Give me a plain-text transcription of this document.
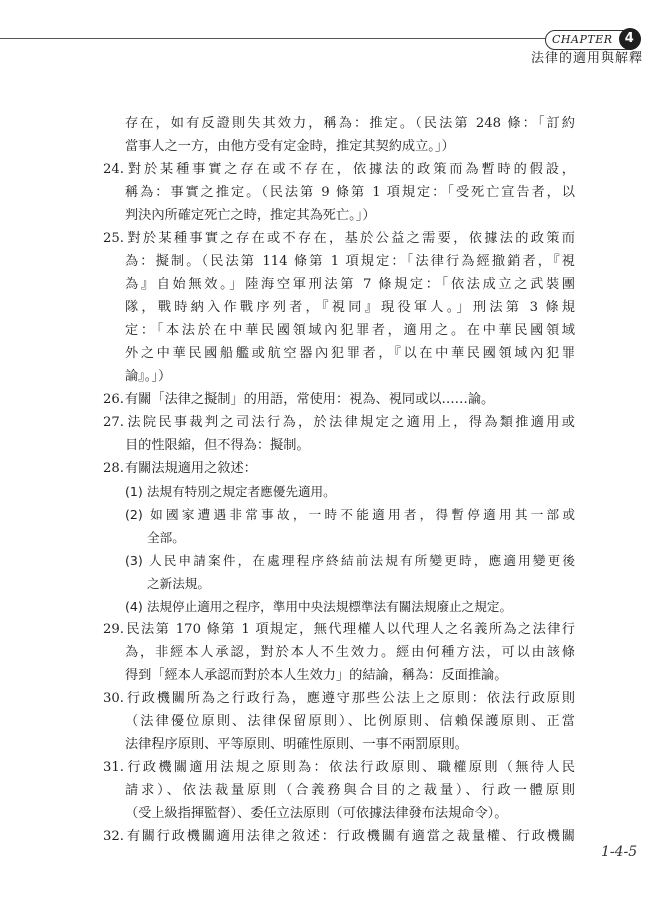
CHAPTER 4
法律的適用與解釋
存在，如有反證則失其效力，稱為：推定。（民法第 248 條：「訂約
當事人之一方，由他方受有定金時，推定其契約成立。」）
24.對於某種事實之存在或不存在，依據法的政策而為暫時的假設，
稱為：事實之推定。（民法第 9 條第 1 項規定：「受死亡宣告者，以
判決內所確定死亡之時，推定其為死亡。」）
25.對於某種事實之存在或不存在，基於公益之需要，依據法的政策而
為：擬制。（民法第 114 條第 1 項規定：「法律行為經撤銷者，『視
為』自始無效。」陸海空軍刑法第 7 條規定：「依法成立之武裝團
隊，戰時納入作戰序列者，『視同』現役軍人。」刑法第 3 條規
定：「本法於在中華民國領域內犯罪者，適用之。在中華民國領域
外之中華民國船艦或航空器內犯罪者，『以在中華民國領域內犯罪
論』。」）
26.有關「法律之擬制」的用語，常使用：視為、視同或以……論。
27.法院民事裁判之司法行為，於法律規定之適用上，得為類推適用或
目的性限縮，但不得為：擬制。
28.有關法規適用之敘述：
(1) 法規有特別之規定者應優先適用。
(2) 如國家遭遇非常事故，一時不能適用者，得暫停適用其一部或
全部。
(3) 人民申請案件，在處理程序終結前法規有所變更時，應適用變更後
之新法規。
(4) 法規停止適用之程序，準用中央法規標準法有關法規廢止之規定。
29.民法第 170 條第 1 項規定，無代理權人以代理人之名義所為之法律行
為，非經本人承認，對於本人不生效力。經由何種方法，可以由該條
得到「經本人承認而對於本人生效力」的結論，稱為：反面推論。
30.行政機關所為之行政行為，應遵守那些公法上之原則：依法行政原則
（法律優位原則、法律保留原則）、比例原則、信賴保護原則、正當
法律程序原則、平等原則、明確性原則、一事不兩罰原則。
31.行政機關適用法規之原則為：依法行政原則、職權原則（無待人民
請求）、依法裁量原則（合義務與合目的之裁量）、行政一體原則
（受上級指揮監督）、委任立法原則（可依據法律發布法規命令）。
32.有關行政機關適用法律之敘述：行政機關有適當之裁量權、行政機關
1-4-5
